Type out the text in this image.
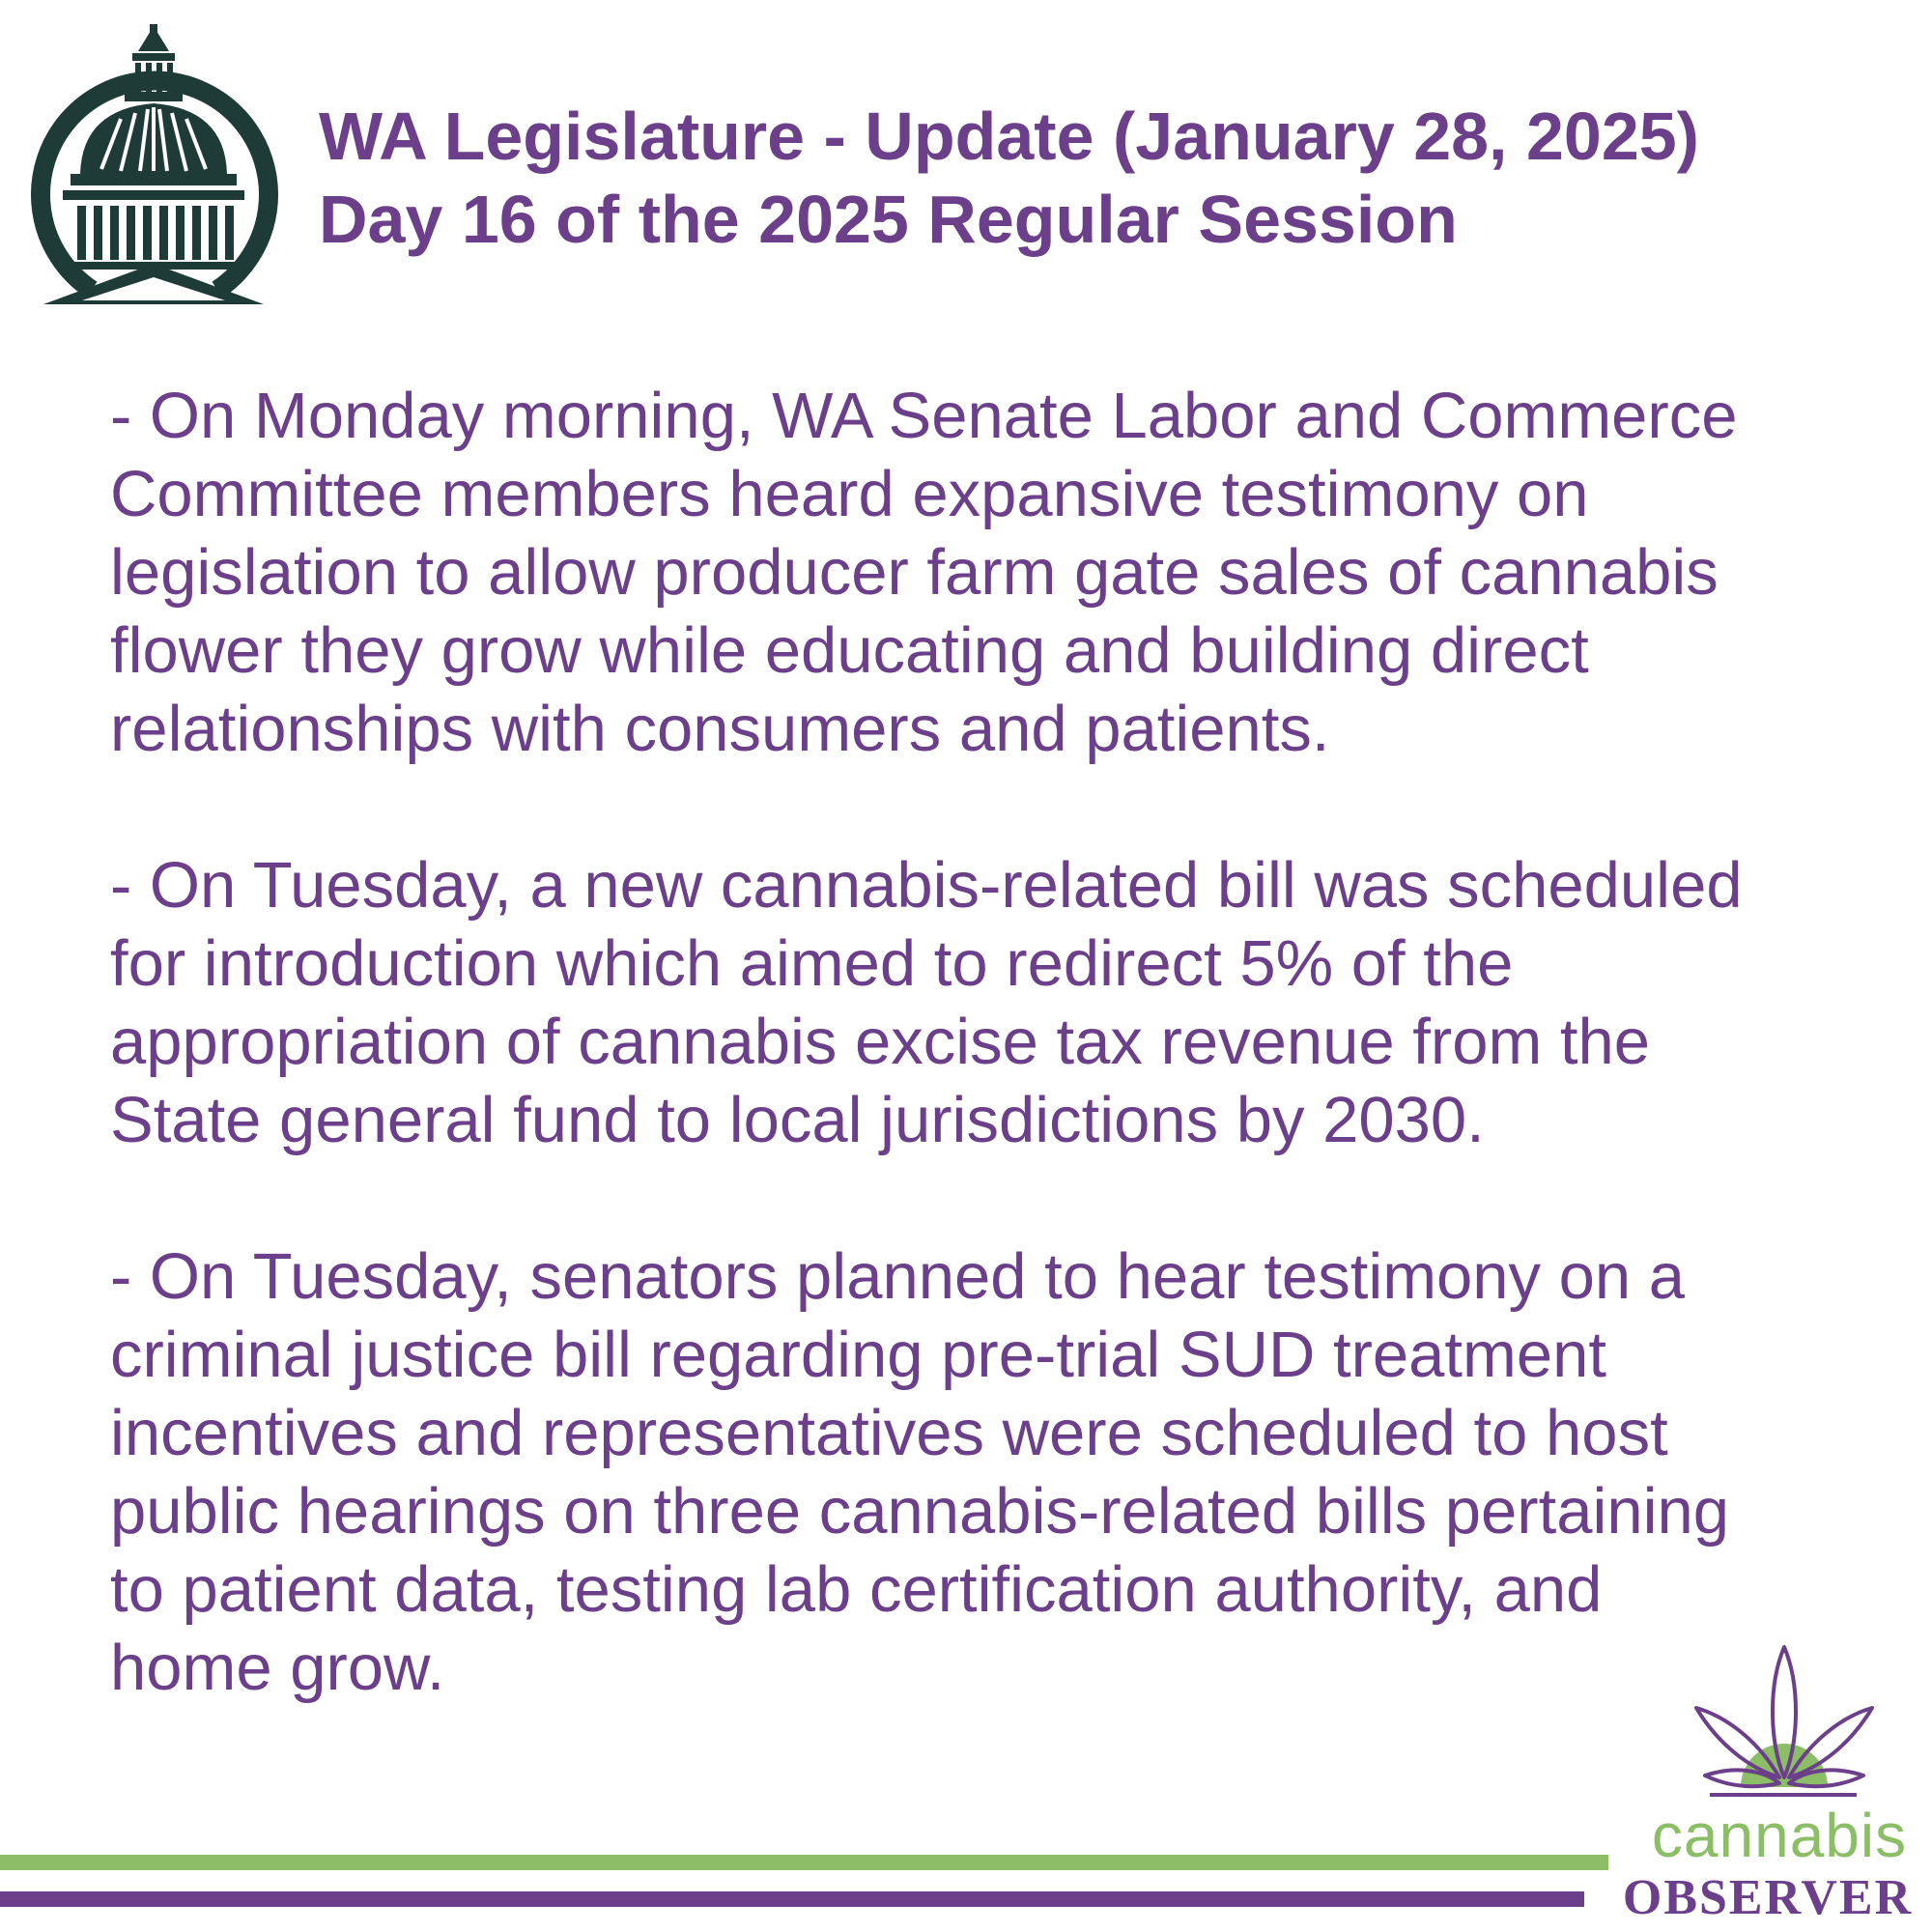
WA Legislature - Update (January 28, 2025)
Day 16 of the 2025 Regular Session
- On Monday morning, WA Senate Labor and Commerce
Committee members heard expansive testimony on
legislation to allow producer farm gate sales of cannabis
flower they grow while educating and building direct
relationships with consumers and patients.
- On Tuesday, a new cannabis-related bill was scheduled
for introduction which aimed to redirect 5% of the
appropriation of cannabis excise tax revenue from the
State general fund to local jurisdictions by 2030.
- On Tuesday, senators planned to hear testimony on a
criminal justice bill regarding pre-trial SUD treatment
incentives and representatives were scheduled to host
public hearings on three cannabis-related bills pertaining
to patient data, testing lab certification authority, and
home grow.
cannabis
OBSERVER
